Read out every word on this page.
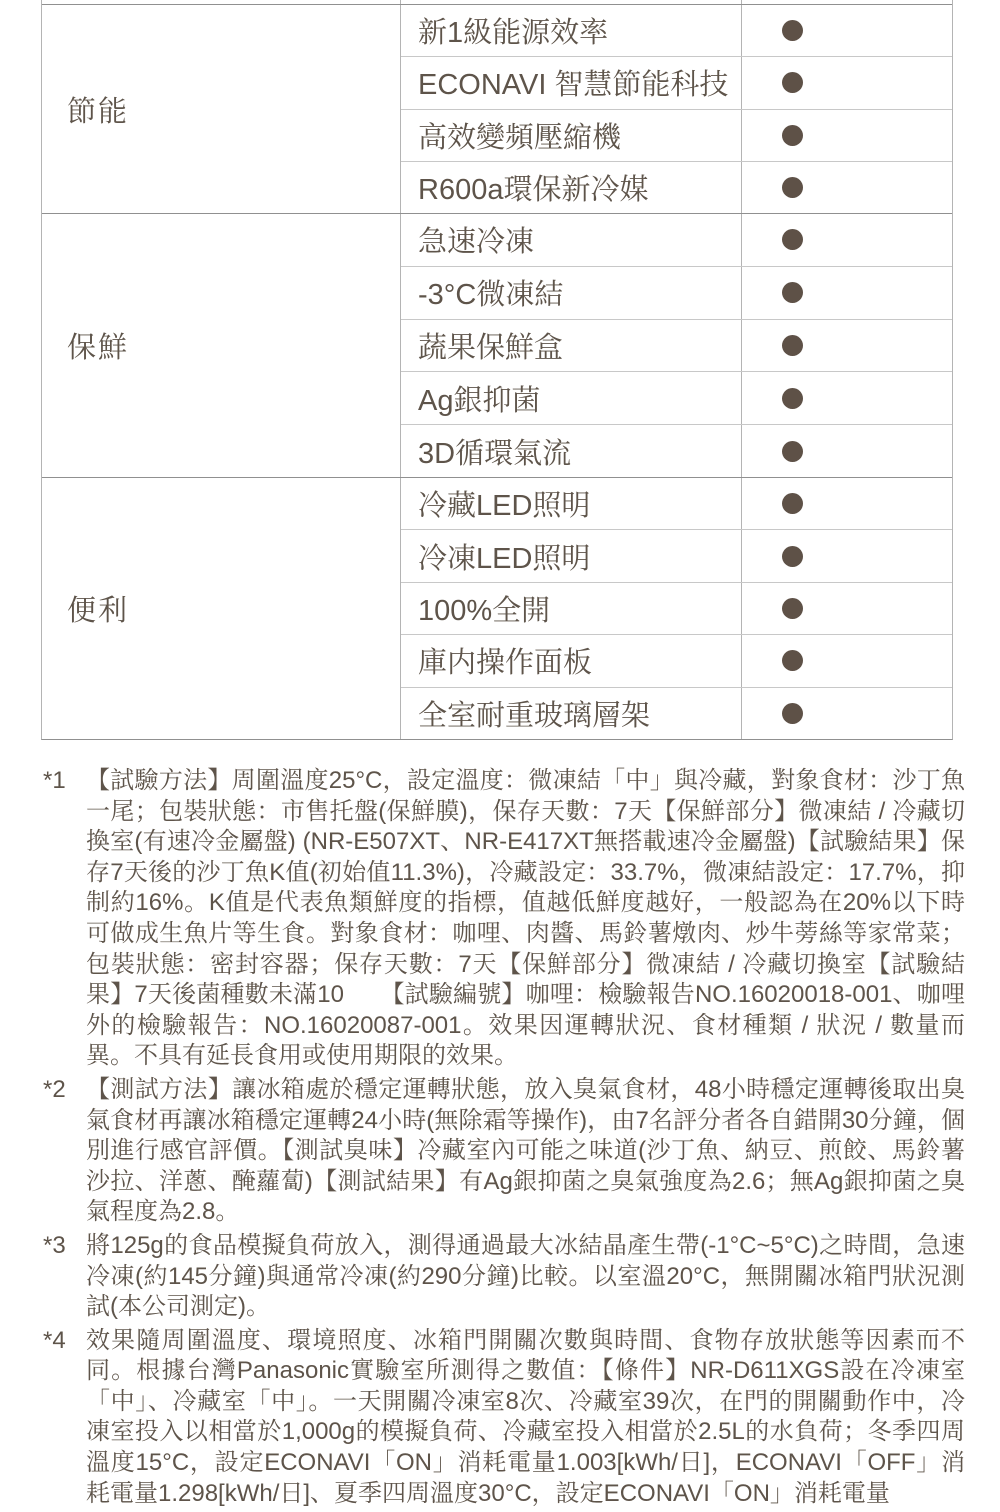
節能
新1級能源效率
ECONAVI 智慧節能科技
高效變頻壓縮機
R600a環保新冷媒
保鮮
急速冷凍
-3°C微凍結
蔬果保鮮盒
Ag銀抑菌
3D循環氣流
便利
冷藏LED照明
冷凍LED照明
100%全開
庫内操作面板
全室耐重玻璃層架
*1 【試驗方法】周圍溫度25°C，設定溫度：微凍結「中」與冷藏，對象食材：沙丁魚一尾；包裝狀態：市售托盤(保鮮膜)，保存天數：7天【保鮮部分】微凍結 / 冷藏切換室(有速冷金屬盤) (NR-E507XT、NR-E417XT無搭載速冷金屬盤)【試驗結果】保存7天後的沙丁魚K值(初始值11.3%)，冷藏設定：33.7%，微凍結設定：17.7%，抑制約16%。K值是代表魚類鮮度的指標，值越低鮮度越好，一般認為在20%以下時可做成生魚片等生食。對象食材：咖哩、肉醬、馬鈴薯燉肉、炒牛蒡絲等家常菜；包裝狀態：密封容器；保存天數：7天【保鮮部分】微凍結 / 冷藏切換室【試驗結果】7天後菌種數未滿10　　【試驗編號】咖哩：檢驗報告NO.16020018-001、咖哩外的檢驗報告：NO.16020087-001。效果因運轉狀況、食材種類 / 狀況 / 數量而異。不具有延長食用或使用期限的效果。
*2 【測試方法】讓冰箱處於穩定運轉狀態，放入臭氣食材，48小時穩定運轉後取出臭氣食材再讓冰箱穩定運轉24小時(無除霜等操作)，由7名評分者各自錯開30分鐘，個別進行感官評價。【測試臭味】冷藏室內可能之味道(沙丁魚、納豆、煎餃、馬鈴薯沙拉、洋蔥、醃蘿蔔)【測試結果】有Ag銀抑菌之臭氣強度為2.6；無Ag銀抑菌之臭氣程度為2.8。
*3 將125g的食品模擬負荷放入，測得通過最大冰結晶產生帶(-1°C~5°C)之時間，急速冷凍(約145分鐘)與通常冷凍(約290分鐘)比較。以室溫20°C，無開關冰箱門狀況測試(本公司測定)。
*4 效果隨周圍溫度、環境照度、冰箱門開關次數與時間、食物存放狀態等因素而不同。根據台灣Panasonic實驗室所測得之數值：【條件】NR-D611XGS設在冷凍室「中」、冷藏室「中」。一天開關冷凍室8次、冷藏室39次，在門的開關動作中，冷凍室投入以相當於1,000g的模擬負荷、冷藏室投入相當於2.5L的水負荷；冬季四周溫度15°C，設定ECONAVI「ON」消耗電量1.003[kWh/日]，ECONAVI「OFF」消耗電量1.298[kWh/日]、夏季四周溫度30°C，設定ECONAVI「ON」消耗電量
